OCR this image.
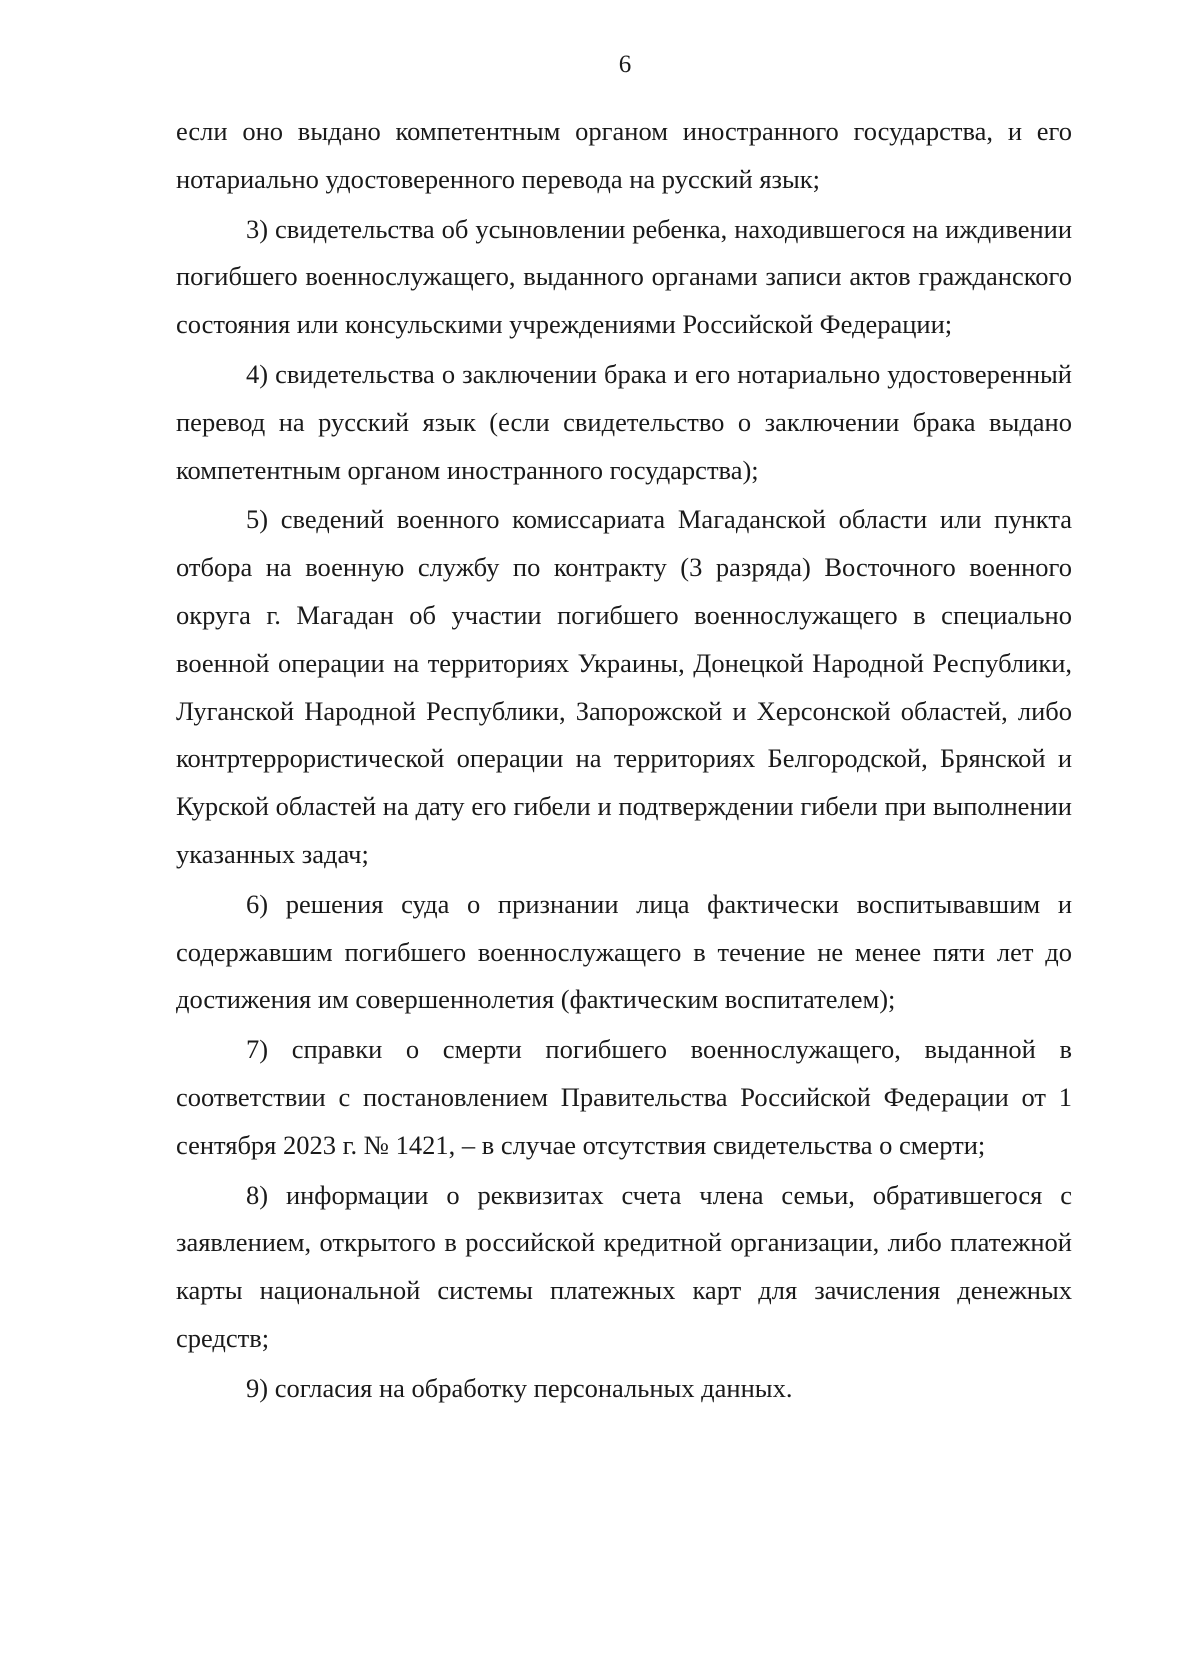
6

если оно выдано компетентным органом иностранного государства, и его нотариально удостоверенного перевода на русский язык;

3) свидетельства об усыновлении ребенка, находившегося на иждивении погибшего военнослужащего, выданного органами записи актов гражданского состояния или консульскими учреждениями Российской Федерации;

4) свидетельства о заключении брака и его нотариально удостоверенный перевод на русский язык (если свидетельство о заключении брака выдано компетентным органом иностранного государства);

5) сведений военного комиссариата Магаданской области или пункта отбора на военную службу по контракту (3 разряда) Восточного военного округа г. Магадан об участии погибшего военнослужащего в специально военной операции на территориях Украины, Донецкой Народной Республики, Луганской Народной Республики, Запорожской и Херсонской областей, либо контртеррористической операции на территориях Белгородской, Брянской и Курской областей на дату его гибели и подтверждении гибели при выполнении указанных задач;

6) решения суда о признании лица фактически воспитывавшим и содержавшим погибшего военнослужащего в течение не менее пяти лет до достижения им совершеннолетия (фактическим воспитателем);

7) справки о смерти погибшего военнослужащего, выданной в соответствии с постановлением Правительства Российской Федерации от 1 сентября 2023 г. № 1421, – в случае отсутствия свидетельства о смерти;

8) информации о реквизитах счета члена семьи, обратившегося с заявлением, открытого в российской кредитной организации, либо платежной карты национальной системы платежных карт для зачисления денежных средств;

9) согласия на обработку персональных данных.
